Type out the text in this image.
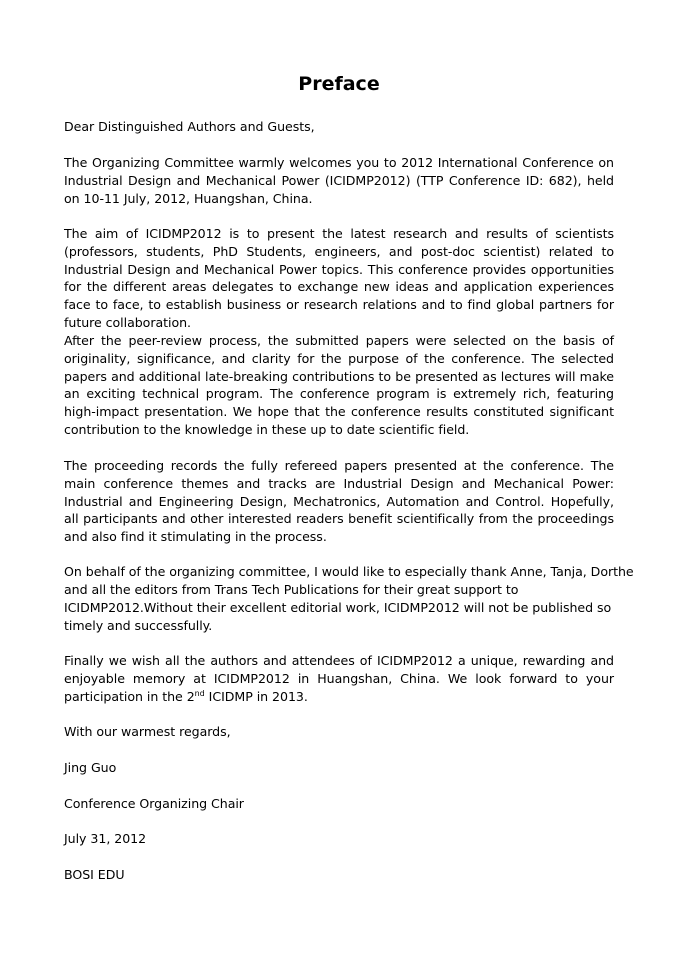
Preface

Dear Distinguished Authors and Guests,

The Organizing Committee warmly welcomes you to 2012 International Conference on Industrial Design and Mechanical Power (ICIDMP2012) (TTP Conference ID: 682), held on 10-11 July, 2012, Huangshan, China.

The aim of ICIDMP2012 is to present the latest research and results of scientists (professors, students, PhD Students, engineers, and post-doc scientist) related to Industrial Design and Mechanical Power topics. This conference provides opportunities for the different areas delegates to exchange new ideas and application experiences face to face, to establish business or research relations and to find global partners for future collaboration.

After the peer-review process, the submitted papers were selected on the basis of originality, significance, and clarity for the purpose of the conference. The selected papers and additional late-breaking contributions to be presented as lectures will make an exciting technical program. The conference program is extremely rich, featuring high-impact presentation. We hope that the conference results constituted significant contribution to the knowledge in these up to date scientific field.

The proceeding records the fully refereed papers presented at the conference. The main conference themes and tracks are Industrial Design and Mechanical Power: Industrial and Engineering Design, Mechatronics, Automation and Control. Hopefully, all participants and other interested readers benefit scientifically from the proceedings and also find it stimulating in the process.

On behalf of the organizing committee, I would like to especially thank Anne, Tanja, Dorthe

and all the editors from Trans Tech Publications for their great support to

ICIDMP2012.Without their excellent editorial work, ICIDMP2012 will not be published so

timely and successfully.

Finally we wish all the authors and attendees of ICIDMP2012 a unique, rewarding and enjoyable memory at ICIDMP2012 in Huangshan, China. We look forward to your participation in the 2nd ICIDMP in 2013.

With our warmest regards,

Jing Guo

Conference Organizing Chair

July 31, 2012

BOSI EDU
